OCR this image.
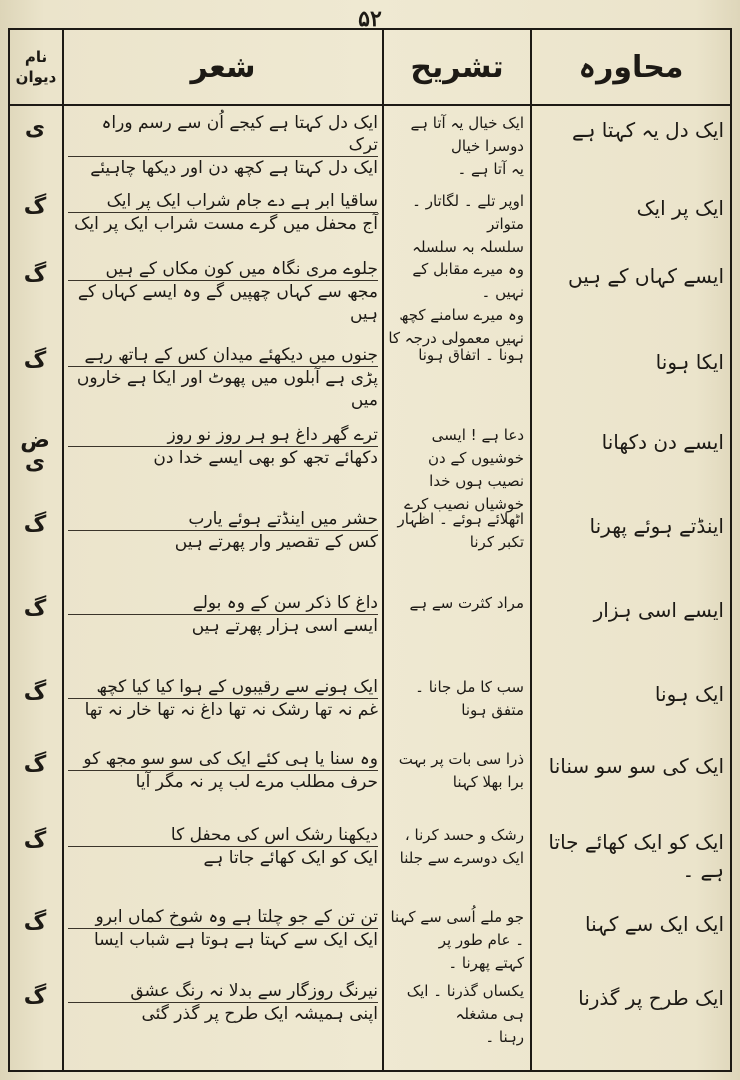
۵۲
محاورہ
تشریح
شعر
نام
دیوان
ایک دل یہ کہتا ہے
ایک خیال یہ آتا ہے دوسرا خیال
یہ آتا ہے ۔
ایک دل کہتا ہے کیجے اُن سے رسم وراہ ترک
ایک دل کہتا ہے کچھ دن اور دیکھا چاہیئے
ی
ایک پر ایک
اوپر تلے ۔ لگاتار ۔ متواتر
سلسلہ بہ سلسلہ
ساقیا ابر ہے دے جام شراب ایک پر ایک
آج محفل میں گرے مست شراب ایک پر ایک
گ
ایسے کہاں کے ہیں
وہ میرے مقابل کے نہیں ۔
وہ میرے سامنے کچھ نہیں معمولی درجہ کا
جلوے مری نگاہ میں کون مکاں کے ہیں
مجھ سے کہاں چھپیں گے وہ ایسے کہاں کے ہیں
گ
ایکا ہونا
ہونا ۔ اتفاق ہونا
جنوں میں دیکھئے میدان کس کے ہاتھ رہے
پڑی ہے آبلوں میں پھوٹ اور ایکا ہے خاروں میں
گ
ایسے دن دکھانا
دعا ہے ! ایسی خوشیوں کے دن
نصیب ہوں خدا خوشیاں نصیب کرے
ترے گھر داغ ہو ہر روز نو روز
دکھائے تجھ کو بھی ایسے خدا دن
ض ی
اینڈتے ہوئے پھرنا
اٹھلائے ہوئے ۔ اظہار تکبر کرنا
حشر میں اینڈتے ہوئے یارب
کس کے تقصیر وار پھرتے ہیں
گ
ایسے اسی ہزار
مراد کثرت سے ہے
داغ کا ذکر سن کے وہ بولے
ایسے اسی ہزار پھرتے ہیں
گ
ایک ہونا
سب کا مل جانا ۔ متفق ہونا
ایک ہونے سے رقیبوں کے ہوا کیا کیا کچھ
غم نہ تھا رشک نہ تھا داغ نہ تھا خار نہ تھا
گ
ایک کی سو سو سنانا
ذرا سی بات پر بہت برا بھلا کہنا
وہ سنا یا ہی کئے ایک کی سو سو مجھ کو
حرف مطلب مرے لب پر نہ مگر آیا
گ
ایک کو ایک کھائے جاتا ہے ۔
رشک و حسد کرنا ، ایک دوسرے سے جلنا
دیکھنا رشک اس کی محفل کا
ایک کو ایک کھائے جاتا ہے
گ
ایک ایک سے کہنا
جو ملے اُسی سے کہنا ۔ عام طور پر
کہتے پھرنا ۔
تن تن کے جو چلتا ہے وہ شوخ کماں ابرو
ایک ایک سے کہتا ہے ہوتا ہے شباب ایسا
گ
ایک طرح پر گذرنا
یکساں گذرنا ۔ ایک ہی مشغلہ
رہنا ۔
نیرنگ روزگار سے بدلا نہ رنگ عشق
اپنی ہمیشہ ایک طرح پر گذر گئی
گ
